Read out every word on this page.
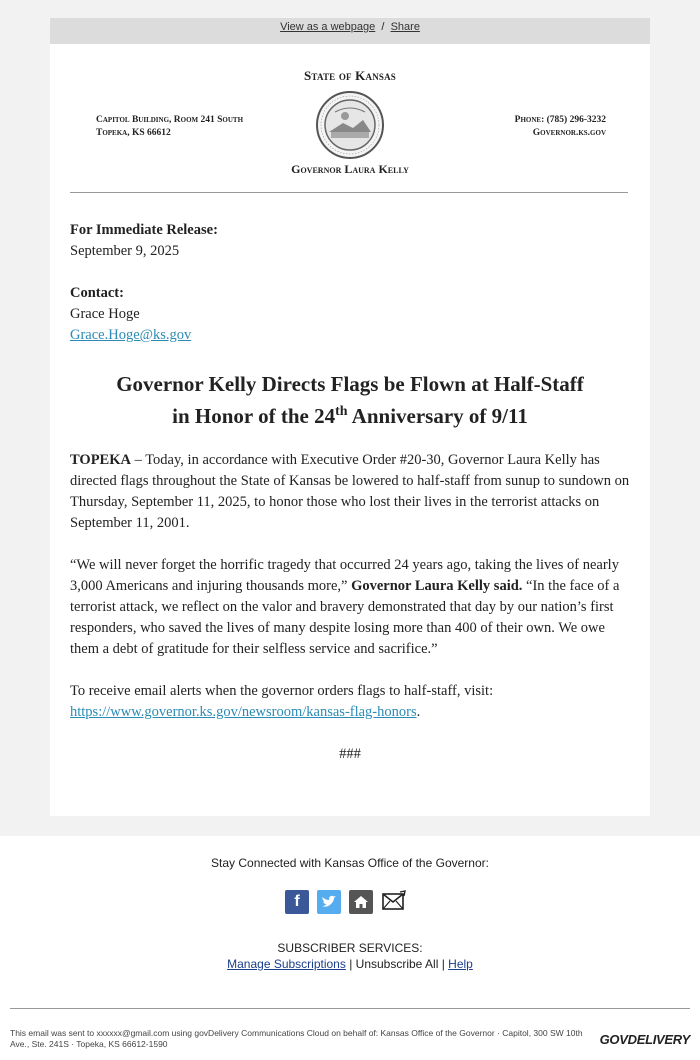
View as a webpage / Share
State of Kansas
Capitol Building, Room 241 South
Topeka, KS 66612
Phone: (785) 296-3232
Governor.ks.gov
Governor Laura Kelly

For Immediate Release:

September 9, 2025

Contact:

Grace Hoge

Grace.Hoge@ks.gov

Governor Kelly Directs Flags be Flown at Half-Staff
in Honor of the 24th Anniversary of 9/11

TOPEKA – Today, in accordance with Executive Order #20-30, Governor Laura Kelly has directed flags throughout the State of Kansas be lowered to half-staff from sunup to sundown on Thursday, September 11, 2025, to honor those who lost their lives in the terrorist attacks on September 11, 2001.

“We will never forget the horrific tragedy that occurred 24 years ago, taking the lives of nearly 3,000 Americans and injuring thousands more,” Governor Laura Kelly said. “In the face of a terrorist attack, we reflect on the valor and bravery demonstrated that day by our nation’s first responders, who saved the lives of many despite losing more than 400 of their own. We owe them a debt of gratitude for their selfless service and sacrifice.”

To receive email alerts when the governor orders flags to half-staff, visit:
https://www.governor.ks.gov/newsroom/kansas-flag-honors.

###

Stay Connected with Kansas Office of the Governor:
f
SUBSCRIBER SERVICES:
Manage Subscriptions | Unsubscribe All | Help
This email was sent to xxxxxx@gmail.com using govDelivery Communications Cloud on behalf of: Kansas Office of the Governor · Capitol, 300 SW 10th Ave., Ste. 241S · Topeka, KS 66612-1590	GOVDELIVERY
